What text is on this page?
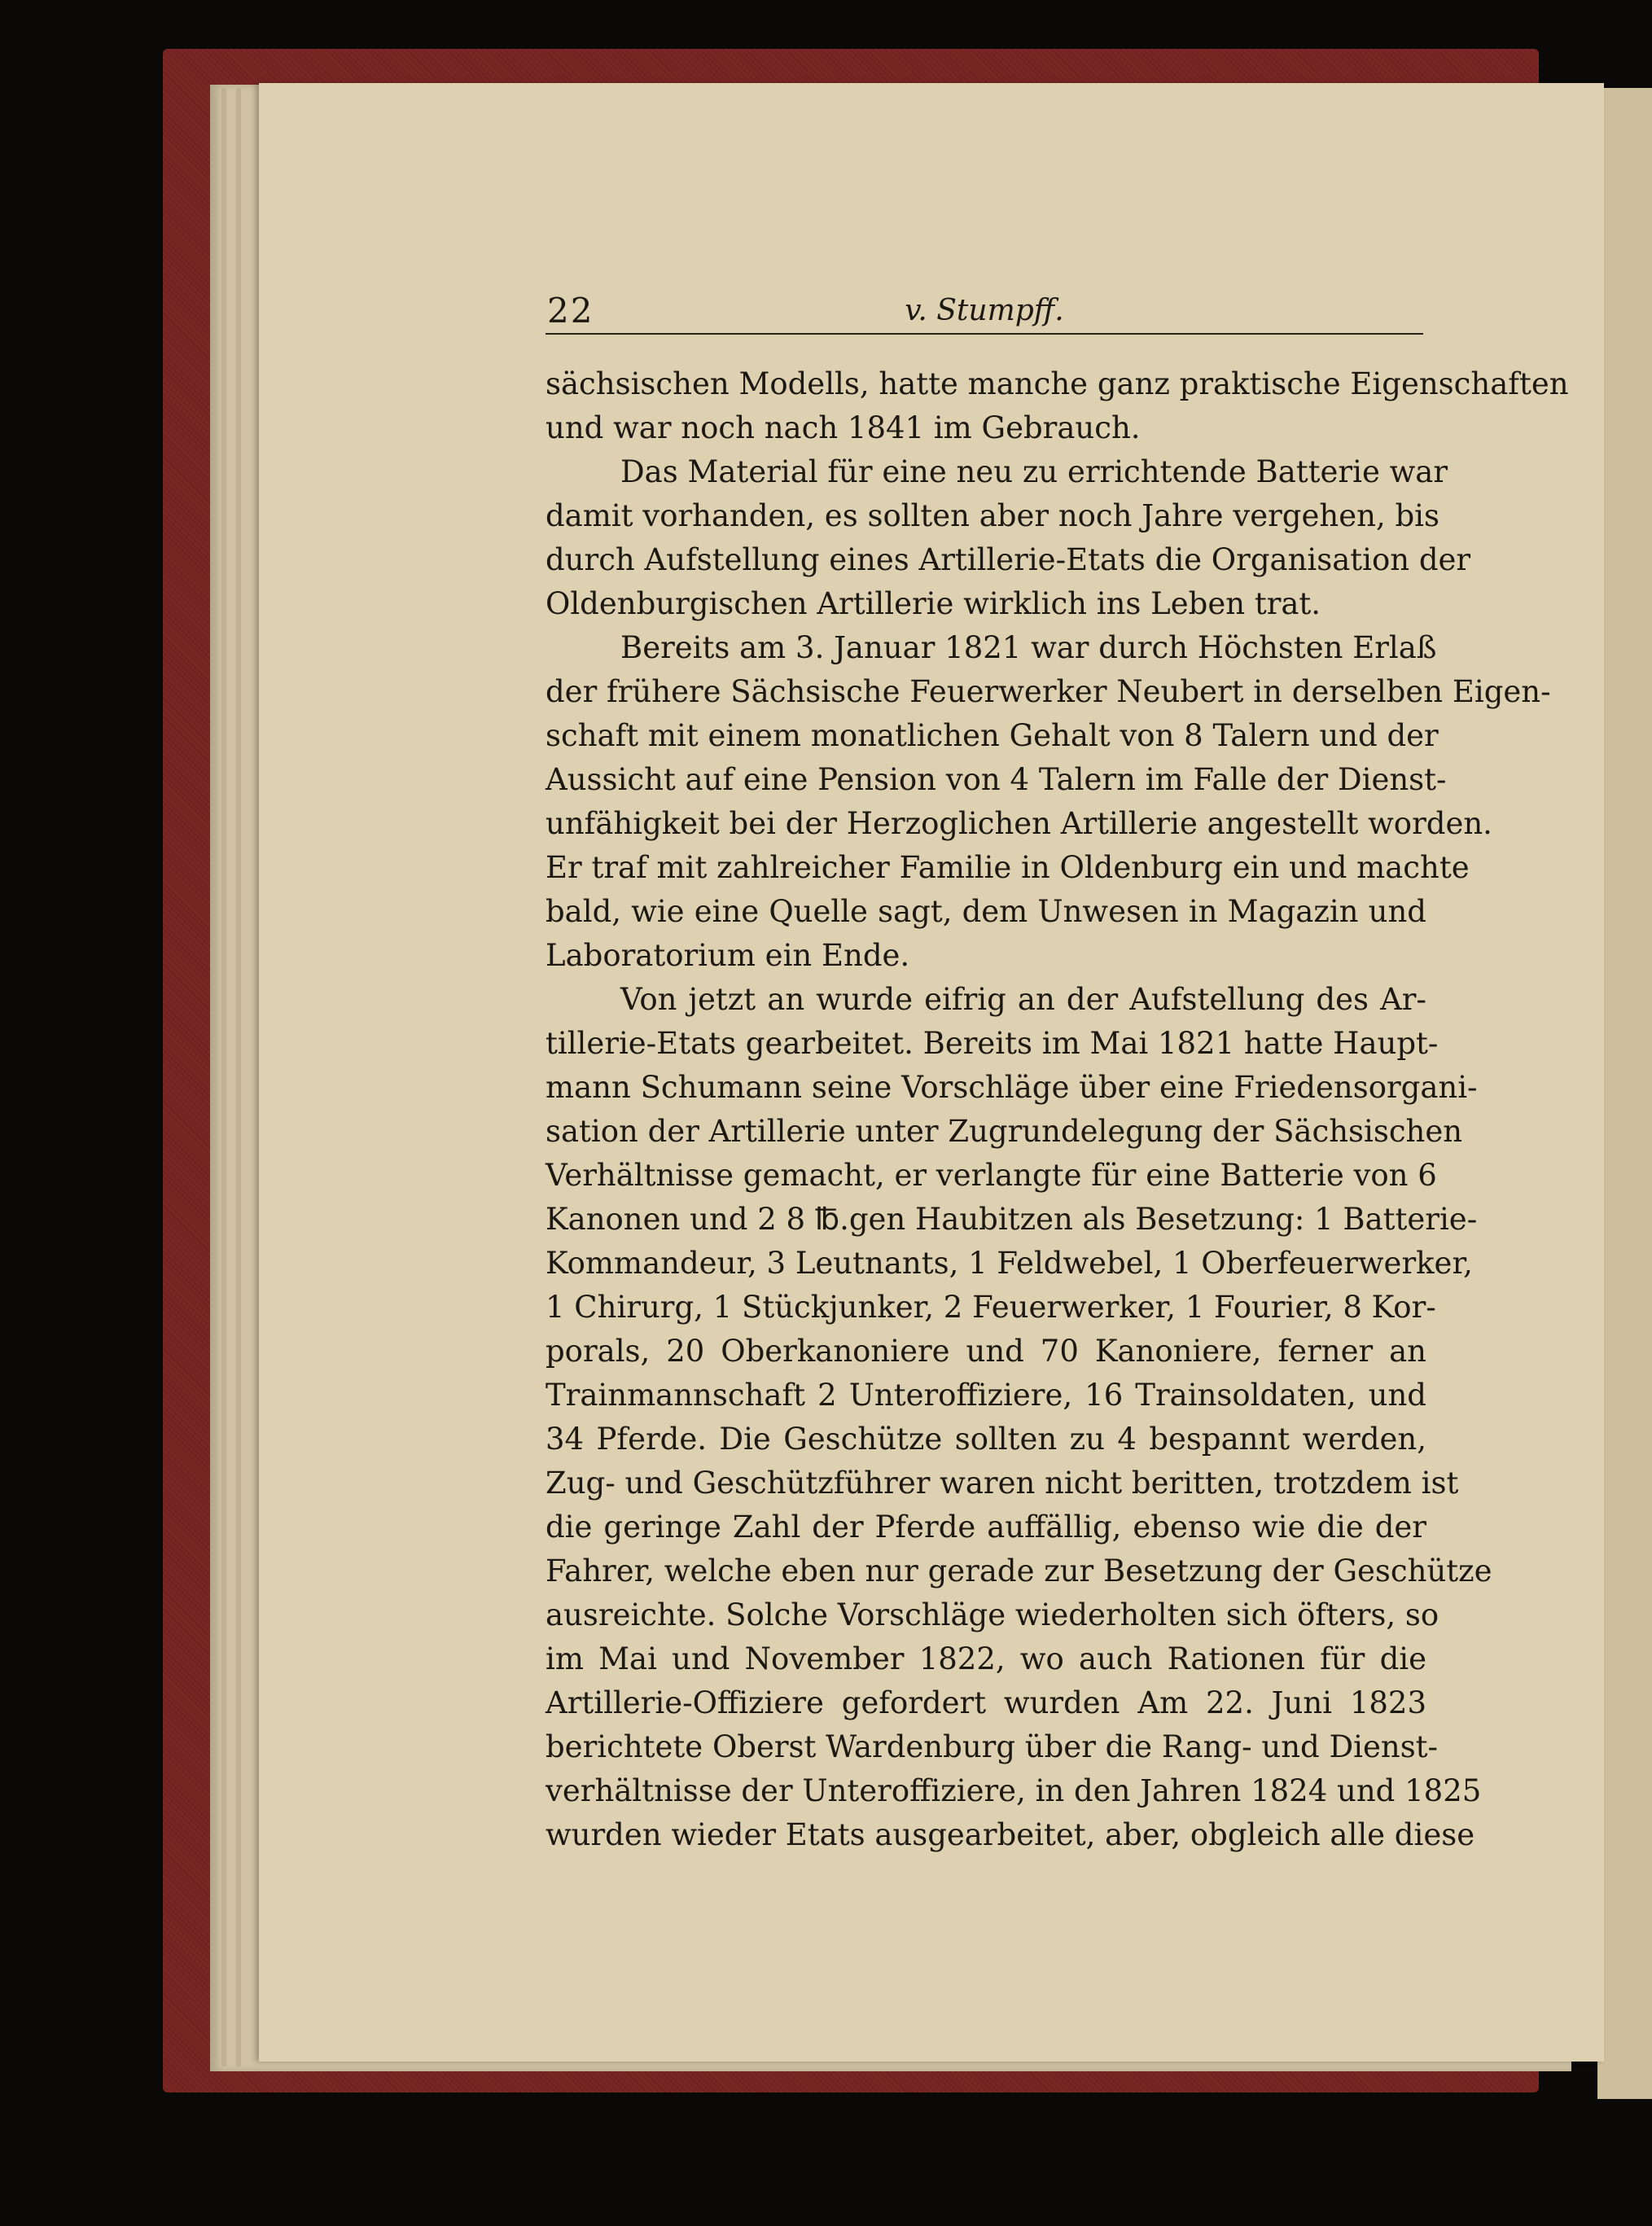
22	v. Stumpff.
sächsischen Modells, hatte manche ganz praktische Eigenschaften
und war noch nach 1841 im Gebrauch.
Das Material für eine neu zu errichtende Batterie war
damit vorhanden, es sollten aber noch Jahre vergehen, bis
durch Aufstellung eines Artillerie-Etats die Organisation der
Oldenburgischen Artillerie wirklich ins Leben trat.
Bereits am 3. Januar 1821 war durch Höchsten Erlaß
der frühere Sächsische Feuerwerker Neubert in derselben Eigen-
schaft mit einem monatlichen Gehalt von 8 Talern und der
Aussicht auf eine Pension von 4 Talern im Falle der Dienst-
unfähigkeit bei der Herzoglichen Artillerie angestellt worden.
Er traf mit zahlreicher Familie in Oldenburg ein und machte
bald, wie eine Quelle sagt, dem Unwesen in Magazin und
Laboratorium ein Ende.
Von jetzt an wurde eifrig an der Aufstellung des Ar-
tillerie-Etats gearbeitet. Bereits im Mai 1821 hatte Haupt-
mann Schumann seine Vorschläge über eine Friedensorgani-
sation der Artillerie unter Zugrundelegung der Sächsischen
Verhältnisse gemacht, er verlangte für eine Batterie von 6
Kanonen und 2 8 ℔.gen Haubitzen als Besetzung: 1 Batterie-
Kommandeur, 3 Leutnants, 1 Feldwebel, 1 Oberfeuerwerker,
1 Chirurg, 1 Stückjunker, 2 Feuerwerker, 1 Fourier, 8 Kor-
porals, 20 Oberkanoniere und 70 Kanoniere, ferner an
Trainmannschaft 2 Unteroffiziere, 16 Trainsoldaten, und
34 Pferde. Die Geschütze sollten zu 4 bespannt werden,
Zug- und Geschützführer waren nicht beritten, trotzdem ist
die geringe Zahl der Pferde auffällig, ebenso wie die der
Fahrer, welche eben nur gerade zur Besetzung der Geschütze
ausreichte. Solche Vorschläge wiederholten sich öfters, so
im Mai und November 1822, wo auch Rationen für die
Artillerie-Offiziere gefordert wurden Am 22. Juni 1823
berichtete Oberst Wardenburg über die Rang- und Dienst-
verhältnisse der Unteroffiziere, in den Jahren 1824 und 1825
wurden wieder Etats ausgearbeitet, aber, obgleich alle diese
